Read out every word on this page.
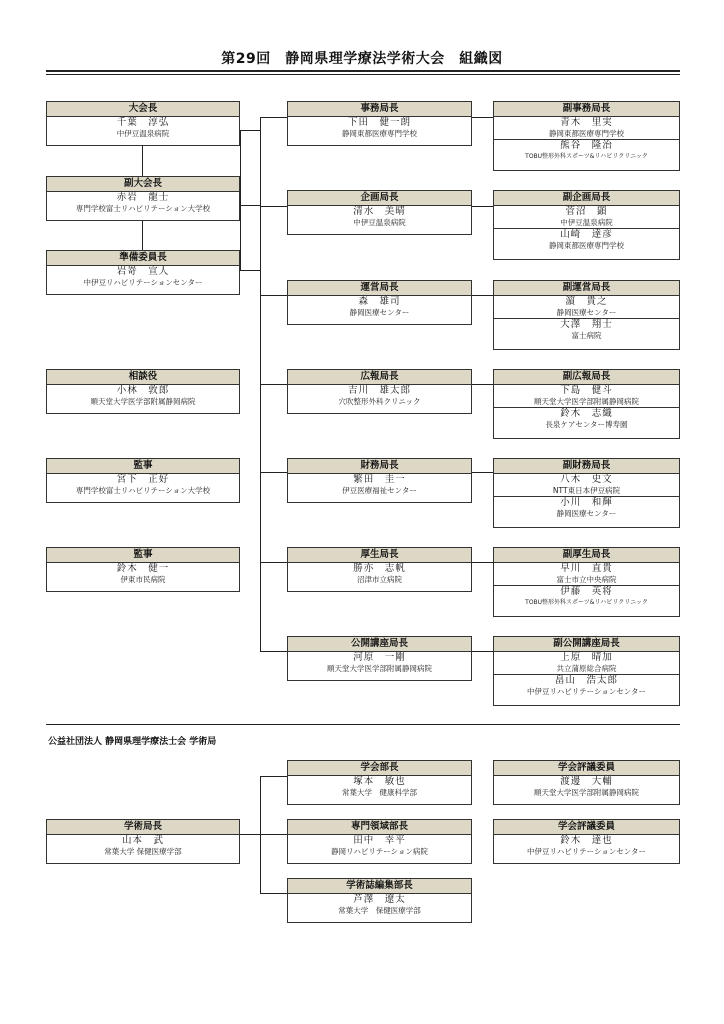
第29回　静岡県理学療法学術大会　組織図
大会長
千葉　淳弘
中伊豆温泉病院
副大会長
赤岩　龍士
専門学校富士リハビリテーション大学校
準備委員長
岩嵜　宣人
中伊豆リハビリテーションセンター
相談役
小林　敦郎
順天堂大学医学部附属静岡病院
監事
宮下　正好
専門学校富士リハビリテーション大学校
監事
鈴木　健一
伊東市民病院
事務局長
下田　健一朗
静岡東都医療専門学校
企画局長
清水　美晴
中伊豆温泉病院
運営局長
森　雄司
静岡医療センター
広報局長
吉川　雄太郎
穴吹整形外科クリニック
財務局長
繁田　圭一
伊豆医療福祉センター
厚生局長
勝亦　志帆
沼津市立病院
公開講座局長
河原　一剛
順天堂大学医学部附属静岡病院
副事務局長
青木　里実
静岡東都医療専門学校
熊谷　隆治
TOBU整形外科スポーツ&リハビリクリニック
副企画局長
菅沼　顕
中伊豆温泉病院
山崎　達彦
静岡東都医療専門学校
副運営局長
濵　貴之
静岡医療センター
大澤　翔士
富士病院
副広報局長
下島　健斗
順天堂大学医学部附属静岡病院
鈴木　志織
長泉ケアセンター博寿園
副財務局長
八木　史文
NTT東日本伊豆病院
小川　和輝
静岡医療センター
副厚生局長
早川　直貴
富士市立中央病院
伊藤　英将
TOBU整形外科スポーツ&リハビリクリニック
副公開講座局長
上原　晴加
共立蒲原総合病院
畠山　浩太郎
中伊豆リハビリテーションセンター
公益社団法人 静岡県理学療法士会 学術局
学術局長
山本　武
常葉大学 保健医療学部
学会部長
塚本　敏也
常葉大学　健康科学部
専門領域部長
田中　幸平
静岡リハビリテーション病院
学術誌編集部長
芦澤　遼太
常葉大学　保健医療学部
学会評議委員
渡邊　大輔
順天堂大学医学部附属静岡病院
学会評議委員
鈴木　達也
中伊豆リハビリテーションセンター
